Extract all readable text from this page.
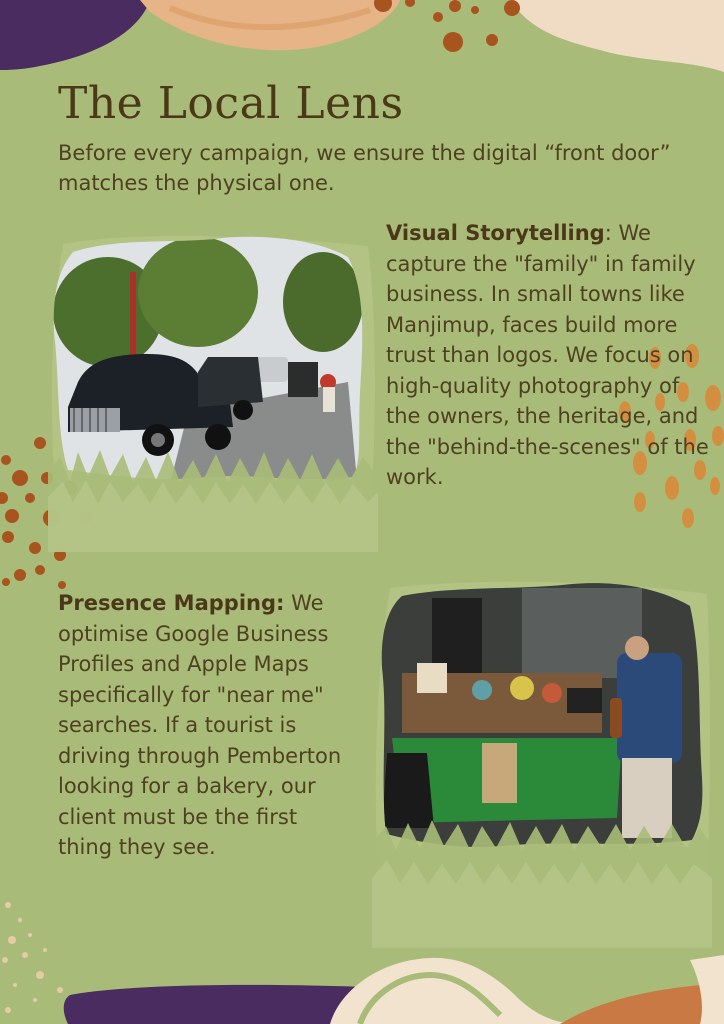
The Local Lens

Before every campaign, we ensure the digital “front door” matches the physical one.

Visual Storytelling: We capture the "family" in family business. In small towns like Manjimup, faces build more trust than logos. We focus on high-quality photography of the owners, the heritage, and the "behind-the-scenes" of the work.

Presence Mapping: We optimise Google Business Profiles and Apple Maps specifically for "near me" searches. If a tourist is driving through Pemberton looking for a bakery, our client must be the first thing they see.
